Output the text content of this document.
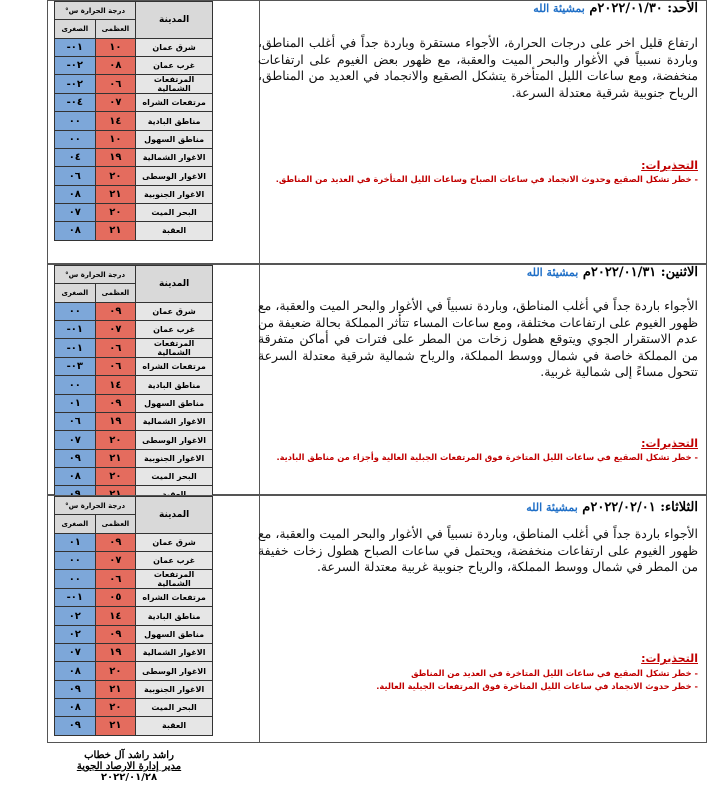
المدينة	درجة الحرارة س°	
	العظمى	الصغرى
شرق عمان	١٠	٠١-
غرب عمان	٠٨	٠٢-
المرتفعات الشمالية	٠٦	٠٢-
مرتفعات الشراه	٠٧	٠٤-
مناطق البادية	١٤	٠٠
مناطق السهول	١٠	٠٠
الاغوار الشمالية	١٩	٠٤
الاغوار الوسطى	٢٠	٠٦
الاغوار الجنوبية	٢١	٠٨
البحر الميت	٢٠	٠٧
العقبة	٢١	٠٨
الأحد: ٢٠٢٢/٠١/٣٠م بمشيئة الله
ارتفاع قليل اخر على درجات الحرارة، الأجواء مستقرة وباردة جداً في أغلب المناطق، وباردة نسبياً في الأغوار والبحر الميت والعقبة، مع ظهور بعض الغيوم على ارتفاعات منخفضة، ومع ساعات الليل المتأخرة يتشكل الصقيع والانجماد في العديد من المناطق، الرياح جنوبية شرقية معتدلة السرعة.
التحذيرات:
- خطر تشكل الصقيع وحدوث الانجماد في ساعات الصباح وساعات الليل المتأخرة في العديد من المناطق.
المدينة	درجة الحرارة س°	
	العظمى	الصغرى
شرق عمان	٠٩	٠٠
غرب عمان	٠٧	٠١-
المرتفعات الشمالية	٠٦	٠١-
مرتفعات الشراه	٠٦	٠٣-
مناطق البادية	١٤	٠٠
مناطق السهول	٠٩	٠١
الاغوار الشمالية	١٩	٠٦
الاغوار الوسطى	٢٠	٠٧
الاغوار الجنوبية	٢١	٠٩
البحر الميت	٢٠	٠٨

الاثنين: ٢٠٢٢/٠١/٣١م بمشيئة الله
الأجواء باردة جداً في أغلب المناطق، وباردة نسبياً في الأغوار والبحر الميت والعقبة، مع ظهور الغيوم على ارتفاعات مختلفة، ومع ساعات المساء تتأثر المملكة بحالة ضعيفة من عدم الاستقرار الجوي ويتوقع هطول زخات من المطر على فترات في أماكن متفرقة من المملكة خاصة في شمال ووسط المملكة، والرياح شمالية شرقية معتدلة السرعة تتحول مساءً إلى شمالية غربية.
التحذيرات:
- خطر تشكل الصقيع في ساعات الليل المتاخرة فوق المرتفعات الجبلية العالية وأجزاء من مناطق البادية.
المدينة	درجة الحرارة س°	
	العظمى	الصغرى
شرق عمان	٠٩	٠١
غرب عمان	٠٧	٠٠
المرتفعات الشمالية	٠٦	٠٠
مرتفعات الشراه	٠٥	٠١-
مناطق البادية	١٤	٠٢
مناطق السهول	٠٩	٠٢
الاغوار الشمالية	١٩	٠٧
الاغوار الوسطى	٢٠	٠٨
الاغوار الجنوبية	٢١	٠٩
البحر الميت	٢٠	٠٨
العقبة	٢١	٠٩
الثلاثاء: ٢٠٢٢/٠٢/٠١م بمشيئة الله
الأجواء باردة جداً في أغلب المناطق، وباردة نسبياً في الأغوار والبحر الميت والعقبة، مع ظهور الغيوم على ارتفاعات منخفضة، ويحتمل في ساعات الصباح هطول زخات خفيفة من المطر في شمال ووسط المملكة، والرياح جنوبية غربية معتدلة السرعة.
التحذيرات:
- خطر تشكل الصقيع في ساعات الليل المتاخرة في العديد من المناطق
- خطر حدوث الانجماد في ساعات الليل المتاخرة فوق المرتفعات الجبلية العالية.
راشد راشد آل خطاب
مدير إدارة الارصاد الجوية
٢٠٢٢/٠١/٢٨
